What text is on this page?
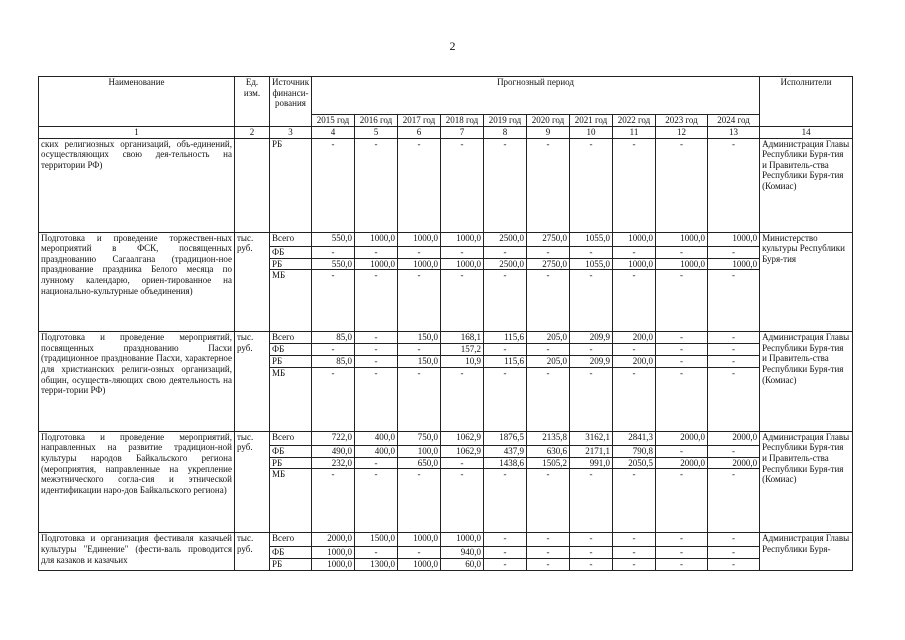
2
Наименование	Ед. изм.	Источник финанси-рования	Прогнозный период										Исполнители
			2015 год	2016 год	2017 год	2018 год	2019 год	2020 год	2021 год	2022 год	2023 год	2024 год	
1	2	3	4	5	6	7	8	9	10	11	12	13	14
ских религиозных организаций, объ-единений, осуществляющих свою дея-тельность на территории РФ)		РБ	-	-	-	-	-	-	-	-	-	-	Администрация Главы Республики Буря-тия и Правитель-ства Республики Буря-тия (Комиас)
Подготовка и проведение торжествен-ных мероприятий в ФСК, посвященных празднованию Сагаалгана (традицион-ное празднование праздника Белого месяца по лунному календарю, ориен-тированное на национально-культурные объединения)	тыс. руб.	Всего	550,0	1000,0	1000,0	1000,0	2500,0	2750,0	1055,0	1000,0	1000,0	1000,0	Министерство культуры Республики Буря-тия
		ФБ	-	-	-	-	-	-	-	-	-	-	
		РБ	550,0	1000,0	1000,0	1000,0	2500,0	2750,0	1055,0	1000,0	1000,0	1000,0	
		МБ	-	-	-	-	-	-	-	-	-	-	
Подготовка и проведение мероприятий, посвященных празднованию Пасхи (традиционное празднование Пасхи, характерное для христианских религи-озных организаций, общин, осуществ-ляющих свою деятельность на терри-тории РФ)	тыс. руб.	Всего	85,0	-	150,0	168,1	115,6	205,0	209,9	200,0	-	-	Администрация Главы Республики Буря-тия и Правитель-ства Республики Буря-тия (Комиас)
		ФБ	-	-	-	157,2	-	-	-	-	-	-	
		РБ	85,0	-	150,0	10,9	115,6	205,0	209,9	200,0	-	-	
		МБ	-	-	-	-	-	-	-	-	-	-	
Подготовка и проведение мероприятий, направленных на развитие традицион-ной культуры народов Байкальского региона (мероприятия, направленные на укрепление межэтнического согла-сия и этнической идентификации наро-дов Байкальского региона)	тыс. руб.	Всего	722,0	400,0	750,0	1062,9	1876,5	2135,8	3162,1	2841,3	2000,0	2000,0	Администрация Главы Республики Буря-тия и Правитель-ства Республики Буря-тия (Комиас)
		ФБ	490,0	400,0	100,0	1062,9	437,9	630,6	2171,1	790,8	-	-	
		РБ	232,0	-	650,0	-	1438,6	1505,2	991,0	2050,5	2000,0	2000,0	
		МБ	-	-	-	-	-	-	-	-	-	-	
Подготовка и организация фестиваля казачьей культуры "Единение" (фести-валь проводится для казаков и казачьих	тыс. руб.	Всего	2000,0	1500,0	1000,0	1000,0	-	-	-	-	-	-	Администрация Главы Республики Буря-
		ФБ	1000,0	-	-	940,0	-	-	-	-	-	-	
		РБ	1000,0	1300,0	1000,0	60,0	-	-	-	-	-	-	
